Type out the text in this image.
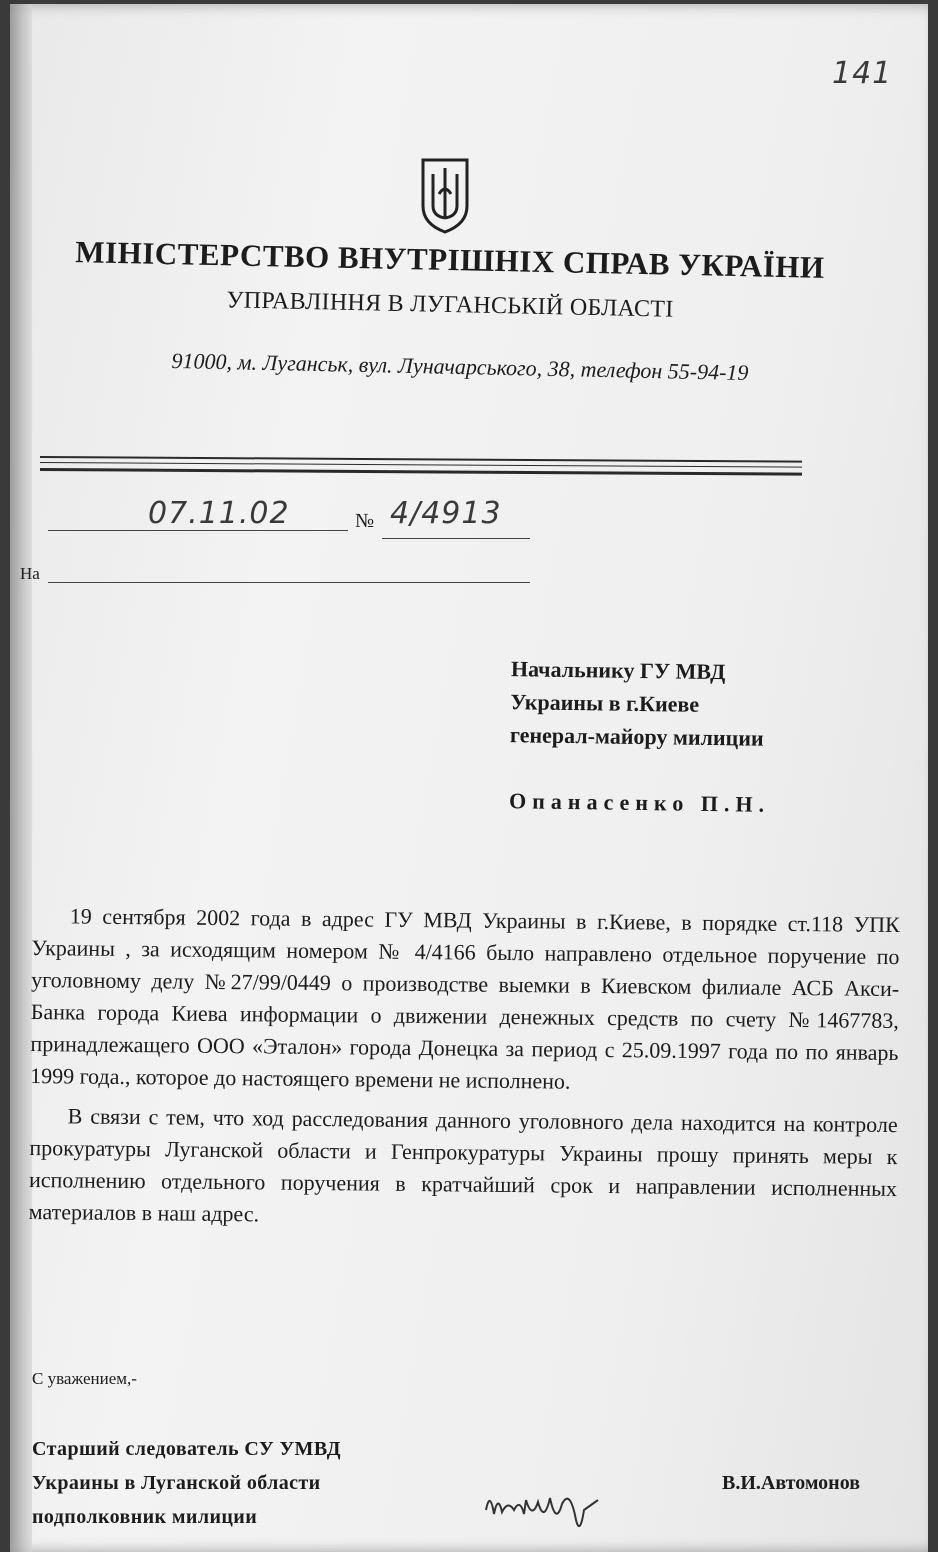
141
МІНІСТЕРСТВО ВНУТРІШНІХ СПРАВ УКРАЇНИ
УПРАВЛІННЯ В ЛУГАНСЬКІЙ ОБЛАСТІ
91000, м. Луганськ, вул. Луначарського, 38, телефон 55-94-19
07.11.02	№ 4/4913
На
Начальнику ГУ МВД
Украины в г.Киеве
генерал-майору милиции
Опанасенко П.Н.

19 сентября 2002 года в адрес ГУ МВД Украины в г.Киеве, в порядке ст.118 УПК Украины , за исходящим номером № 4/4166 было направлено отдельное поручение по уголовному делу №27/99/0449 о производстве выемки в Киевском филиале АСБ Акси-Банка города Киева информации о движении денежных средств по счету №1467783, принадлежащего ООО «Эталон» города Донецка за период с 25.09.1997 года по по январь 1999 года., которое до настоящего времени не исполнено.

В связи с тем, что ход расследования данного уголовного дела находится на контроле прокуратуры Луганской области и Генпрокуратуры Украины прошу принять меры к исполнению отдельного поручения в кратчайший срок и направлении исполненных материалов в наш адрес.

С уважением,-
Старший следователь СУ УМВД
Украины в Луганской области
подполковник милиции
В.И.Автомонов
